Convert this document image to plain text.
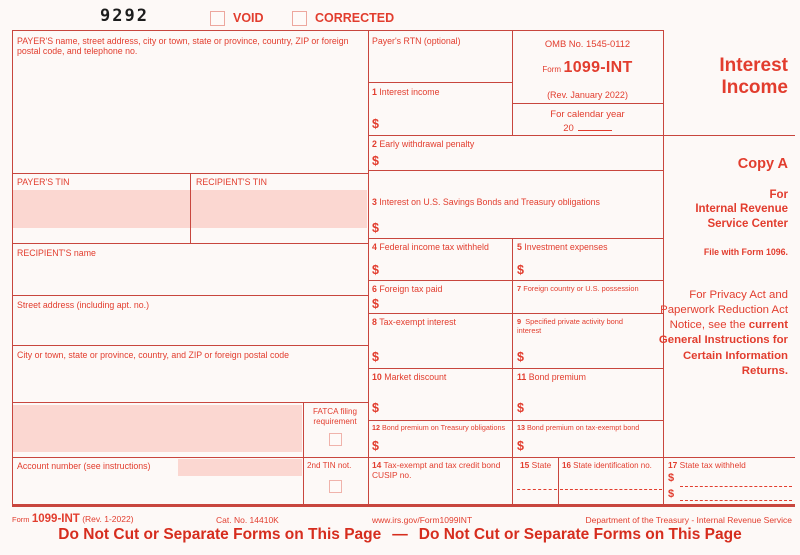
9292	VOID	CORRECTED
PAYER'S name, street address, city or town, state or province, country, ZIP or foreign postal code, and telephone no.
PAYER'S TIN	RECIPIENT'S TIN
RECIPIENT'S name
Street address (including apt. no.)
City or town, state or province, country, and ZIP or foreign postal code
FATCA filing requirement
Account number (see instructions)	2nd TIN not.
Payer's RTN (optional)	OMB No. 1545-0112
Form 1099-INT
(Rev. January 2022)
For calendar year
20
1 Interest income
$
2 Early withdrawal penalty
$
3 Interest on U.S. Savings Bonds and Treasury obligations
$
4 Federal income tax withheld
$
5 Investment expenses
$
6 Foreign tax paid
$
7 Foreign country or U.S. possession
8 Tax-exempt interest
$
9 Specified private activity bond interest
$
10 Market discount
$
11 Bond premium
$
12 Bond premium on Treasury obligations
$
13 Bond premium on tax-exempt bond
$
14 Tax-exempt and tax credit bond CUSIP no.
15 State 16 State identification no.	17 State tax withheld
$
$
Interest Income
Copy A
For
Internal Revenue
Service Center
File with Form 1096.
For Privacy Act and Paperwork Reduction Act Notice, see the current General Instructions for Certain Information Returns.
Form 1099-INT (Rev. 1-2022)	Cat. No. 14410K	www.irs.gov/Form1099INT	Department of the Treasury - Internal Revenue Service
Do Not Cut or Separate Forms on This Page — Do Not Cut or Separate Forms on This Page
